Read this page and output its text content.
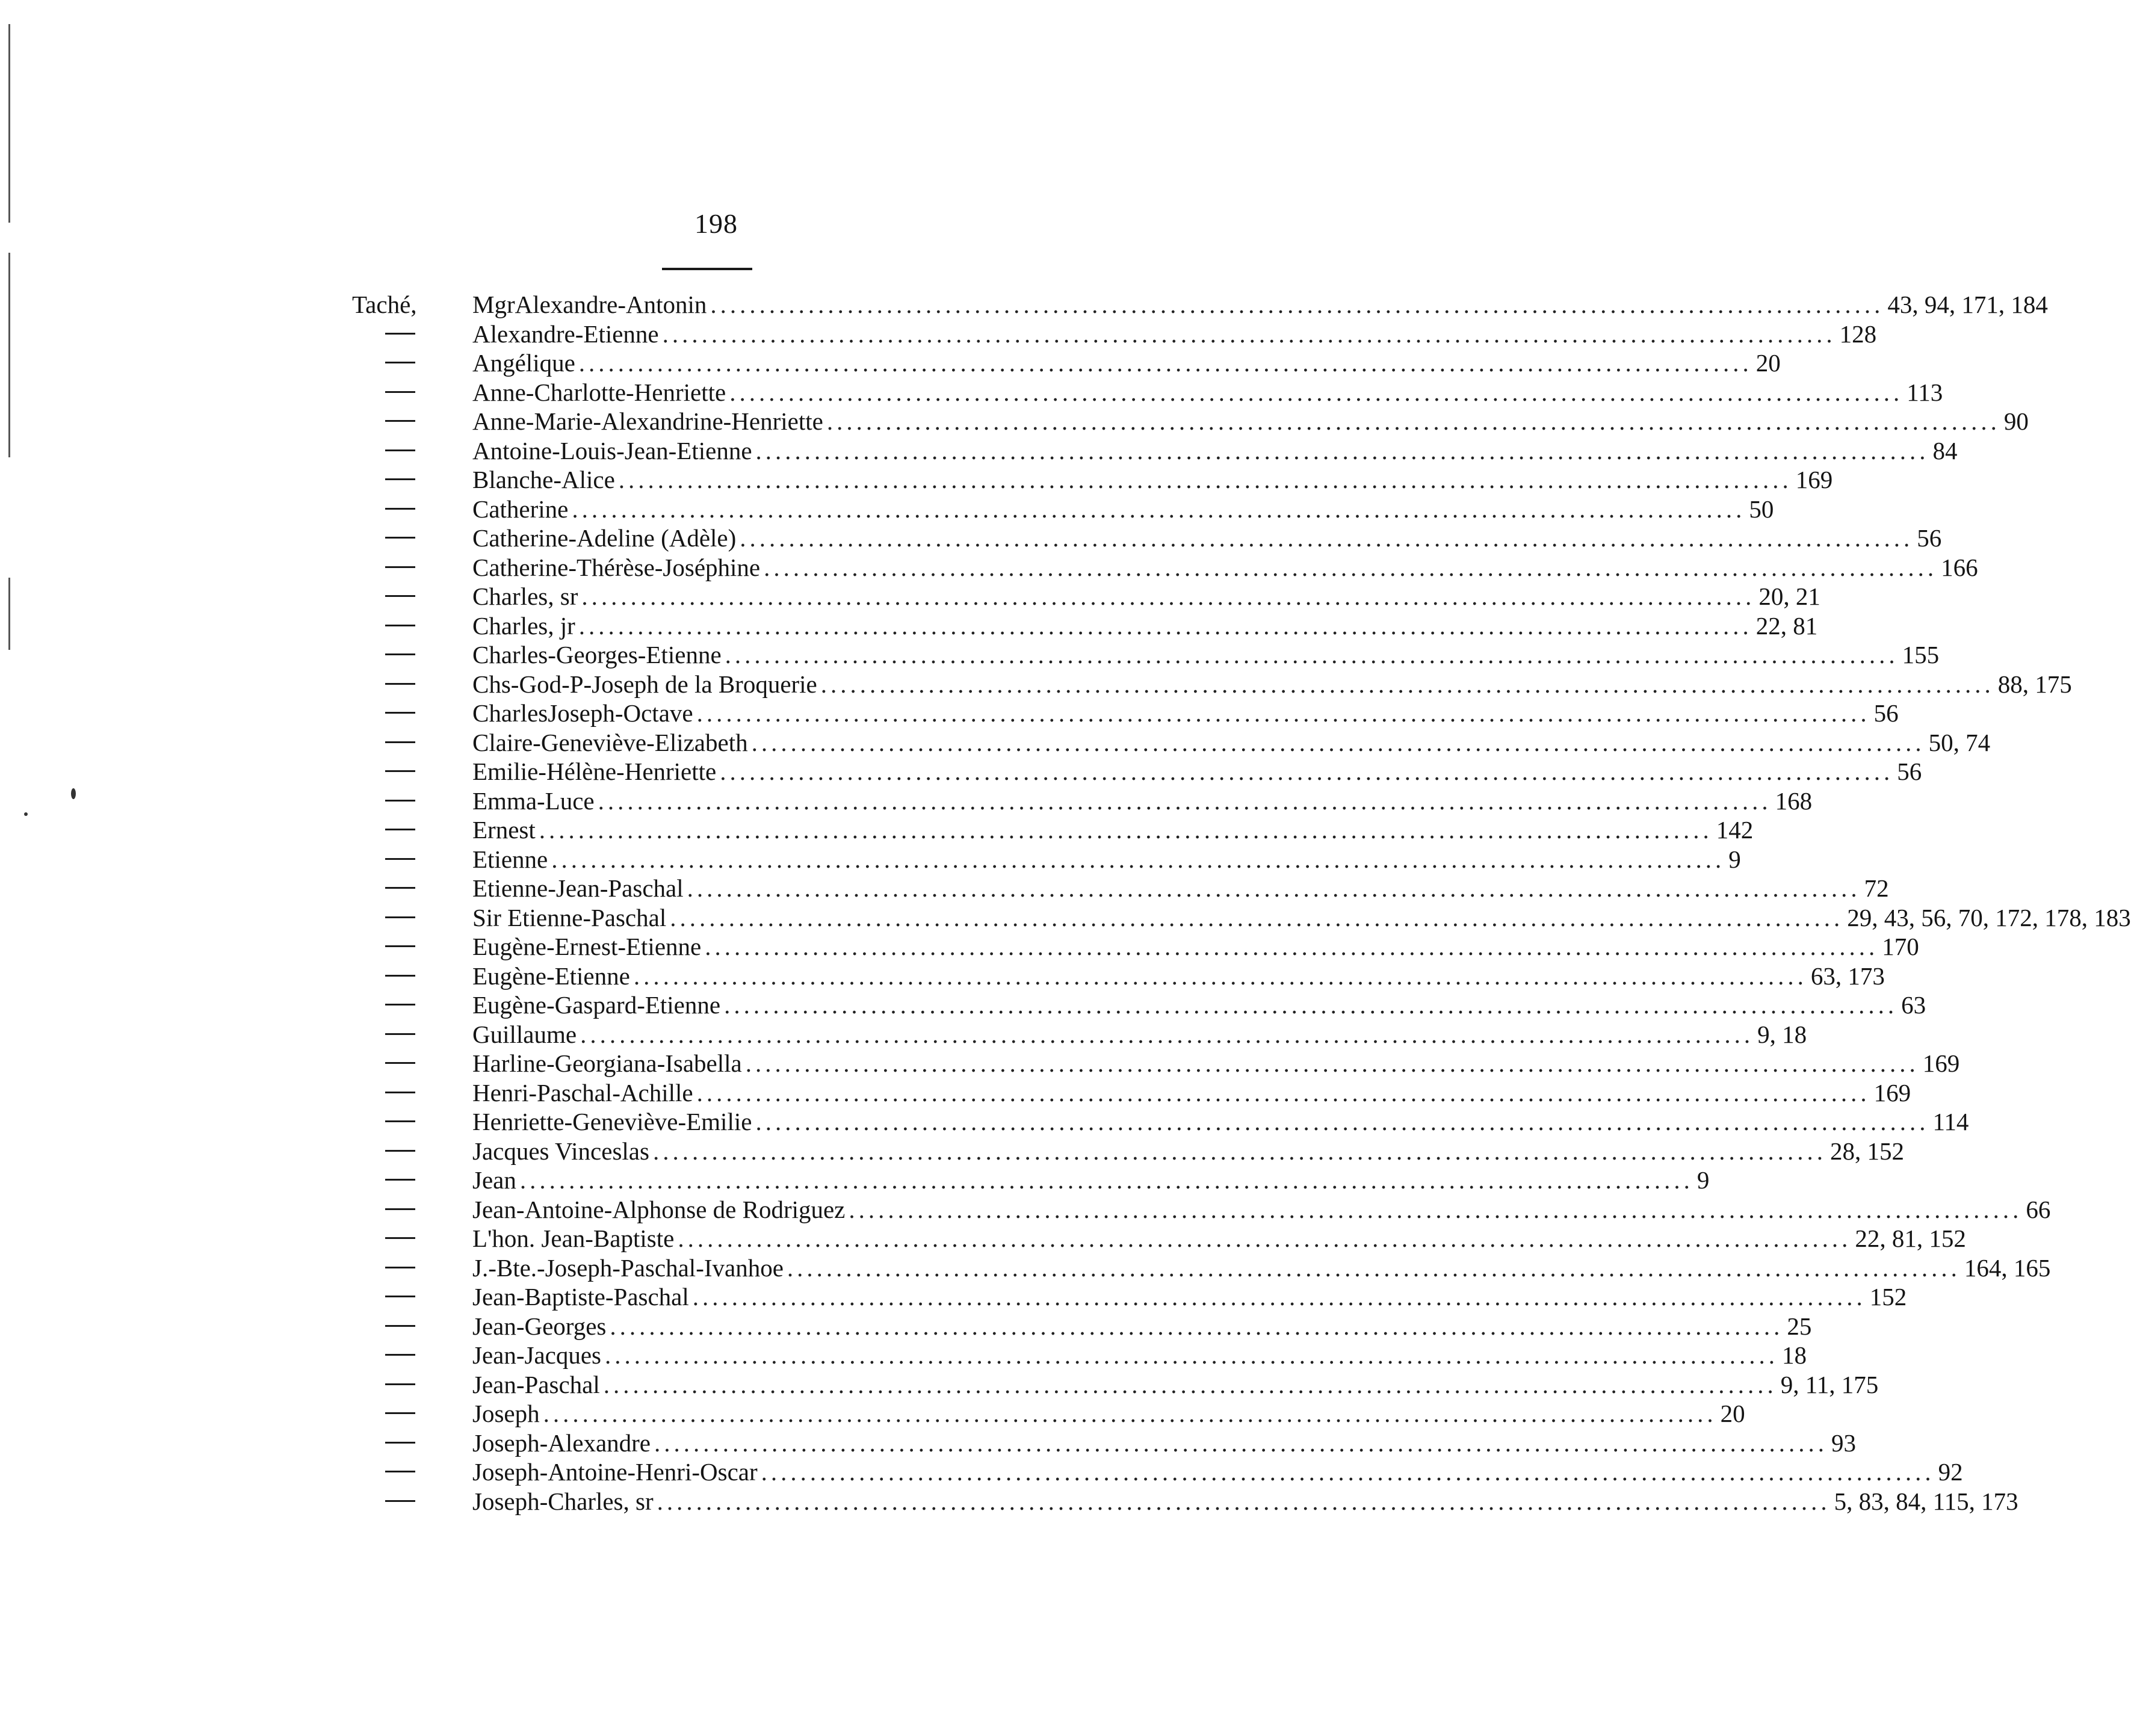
198
Taché,	MgrAlexandre-Antonin ........................................................................................................................ 43, 94, 171, 184
Alexandre-Etienne ........................................................................................................................ 128
Angélique ........................................................................................................................ 20
Anne-Charlotte-Henriette ........................................................................................................................ 113
Anne-Marie-Alexandrine-Henriette ........................................................................................................................ 90
Antoine-Louis-Jean-Etienne ........................................................................................................................ 84
Blanche-Alice ........................................................................................................................ 169
Catherine ........................................................................................................................ 50
Catherine-Adeline (Adèle) ........................................................................................................................ 56
Catherine-Thérèse-Joséphine ........................................................................................................................ 166
Charles, sr ........................................................................................................................ 20, 21
Charles, jr ........................................................................................................................ 22, 81
Charles-Georges-Etienne ........................................................................................................................ 155
Chs-God-P-Joseph de la Broquerie ........................................................................................................................ 88, 175
CharlesJoseph-Octave ........................................................................................................................ 56
Claire-Geneviève-Elizabeth ........................................................................................................................ 50, 74
Emilie-Hélène-Henriette ........................................................................................................................ 56
Emma-Luce ........................................................................................................................ 168
Ernest ........................................................................................................................ 142
Etienne ........................................................................................................................ 9
Etienne-Jean-Paschal ........................................................................................................................ 72
Sir Etienne-Paschal ........................................................................................................................ 29, 43, 56, 70, 172, 178, 183
Eugène-Ernest-Etienne ........................................................................................................................ 170
Eugène-Etienne ........................................................................................................................ 63, 173
Eugène-Gaspard-Etienne ........................................................................................................................ 63
Guillaume ........................................................................................................................ 9, 18
Harline-Georgiana-Isabella ........................................................................................................................ 169
Henri-Paschal-Achille ........................................................................................................................ 169
Henriette-Geneviève-Emilie ........................................................................................................................ 114
Jacques Vinceslas ........................................................................................................................ 28, 152
Jean ........................................................................................................................ 9
Jean-Antoine-Alphonse de Rodriguez ........................................................................................................................ 66
L'hon. Jean-Baptiste ........................................................................................................................ 22, 81, 152
J.-Bte.-Joseph-Paschal-Ivanhoe ........................................................................................................................ 164, 165
Jean-Baptiste-Paschal ........................................................................................................................ 152
Jean-Georges ........................................................................................................................ 25
Jean-Jacques ........................................................................................................................ 18
Jean-Paschal ........................................................................................................................ 9, 11, 175
Joseph ........................................................................................................................ 20
Joseph-Alexandre ........................................................................................................................ 93
Joseph-Antoine-Henri-Oscar ........................................................................................................................ 92
Joseph-Charles, sr ........................................................................................................................ 5, 83, 84, 115, 173
